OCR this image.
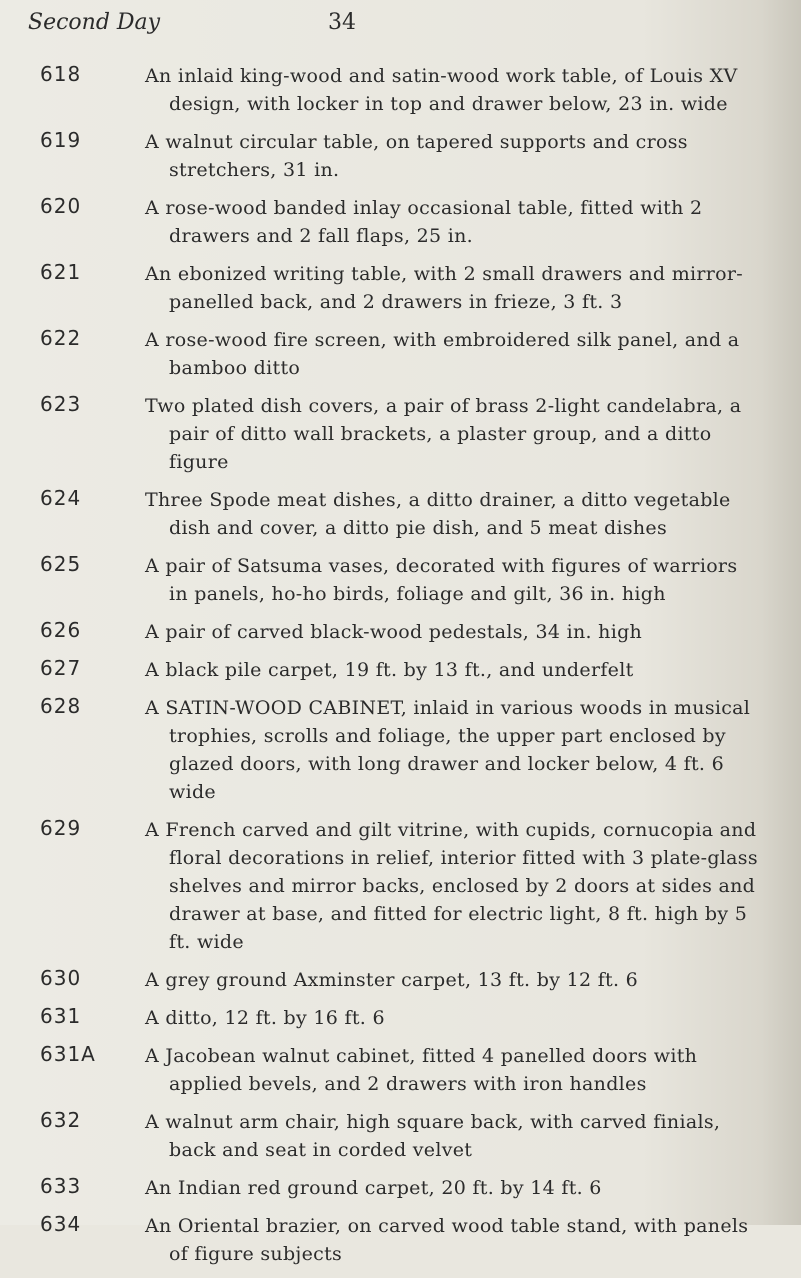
Second Day	34
618	An inlaid king-wood and satin-wood work table, of Louis XV design, with locker in top and drawer below, 23 in. wide
619	A walnut circular table, on tapered supports and cross stretchers, 31 in.
620	A rose-wood banded inlay occasional table, fitted with 2 drawers and 2 fall flaps, 25 in.
621	An ebonized writing table, with 2 small drawers and mirror-panelled back, and 2 drawers in frieze, 3 ft. 3
622	A rose-wood fire screen, with embroidered silk panel, and a bamboo ditto
623	Two plated dish covers, a pair of brass 2-light candelabra, a pair of ditto wall brackets, a plaster group, and a ditto figure
624	Three Spode meat dishes, a ditto drainer, a ditto vegetable dish and cover, a ditto pie dish, and 5 meat dishes
625	A pair of Satsuma vases, decorated with figures of warriors in panels, ho-ho birds, foliage and gilt, 36 in. high
626	A pair of carved black-wood pedestals, 34 in. high
627	A black pile carpet, 19 ft. by 13 ft., and underfelt
628	A SATIN-WOOD CABINET, inlaid in various woods in musical trophies, scrolls and foliage, the upper part enclosed by glazed doors, with long drawer and locker below, 4 ft. 6 wide
629	A French carved and gilt vitrine, with cupids, cornucopia and floral decorations in relief, interior fitted with 3 plate-glass shelves and mirror backs, enclosed by 2 doors at sides and drawer at base, and fitted for electric light, 8 ft. high by 5 ft. wide
630	A grey ground Axminster carpet, 13 ft. by 12 ft. 6
631	A ditto, 12 ft. by 16 ft. 6
631A	A Jacobean walnut cabinet, fitted 4 panelled doors with applied bevels, and 2 drawers with iron handles
632	A walnut arm chair, high square back, with carved finials, back and seat in corded velvet
633	An Indian red ground carpet, 20 ft. by 14 ft. 6
634	An Oriental brazier, on carved wood table stand, with panels of figure subjects
